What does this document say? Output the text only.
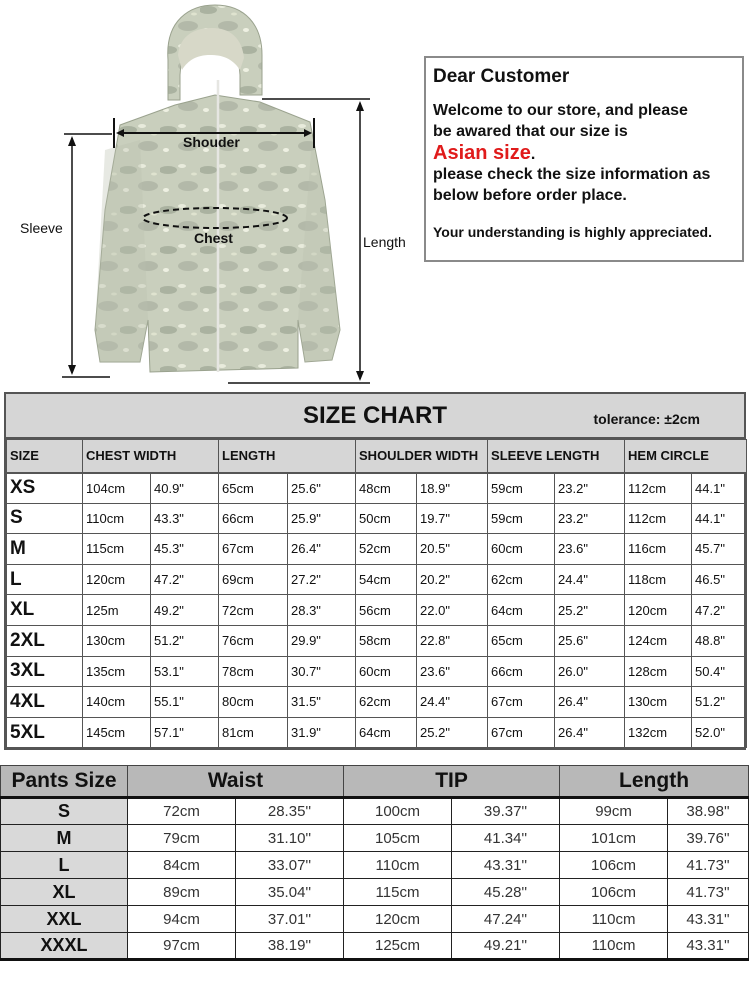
Shouder
Chest
Sleeve
Length
Dear Customer
Welcome to our store, and please
be awared that our size is
Asian size.
please check the size information as
below before order place.
Your understanding is highly appreciated.
SIZE CHART	tolerance: ±2cm
SIZE	CHEST WIDTH		LENGTH		SHOULDER WIDTH		SLEEVE LENGTH		HEM CIRCLE	
XS	104cm	40.9"	65cm	25.6"	48cm	18.9"	59cm	23.2"	112cm	44.1"
S	110cm	43.3"	66cm	25.9"	50cm	19.7"	59cm	23.2"	112cm	44.1"
M	115cm	45.3"	67cm	26.4"	52cm	20.5"	60cm	23.6"	116cm	45.7"
L	120cm	47.2"	69cm	27.2"	54cm	20.2"	62cm	24.4"	118cm	46.5"
XL	125m	49.2"	72cm	28.3"	56cm	22.0"	64cm	25.2"	120cm	47.2"
2XL	130cm	51.2"	76cm	29.9"	58cm	22.8"	65cm	25.6"	124cm	48.8"
3XL	135cm	53.1"	78cm	30.7"	60cm	23.6"	66cm	26.0"	128cm	50.4"
4XL	140cm	55.1"	80cm	31.5"	62cm	24.4"	67cm	26.4"	130cm	51.2"
5XL	145cm	57.1"	81cm	31.9"	64cm	25.2"	67cm	26.4"	132cm	52.0"
Pants Size	Waist		TIP		Length	
S	72cm	28.35''	100cm	39.37''	99cm	38.98''
M	79cm	31.10''	105cm	41.34''	101cm	39.76''
L	84cm	33.07''	110cm	43.31''	106cm	41.73''
XL	89cm	35.04''	115cm	45.28''	106cm	41.73''
XXL	94cm	37.01''	120cm	47.24''	110cm	43.31''
XXXL	97cm	38.19''	125cm	49.21''	110cm	43.31''
